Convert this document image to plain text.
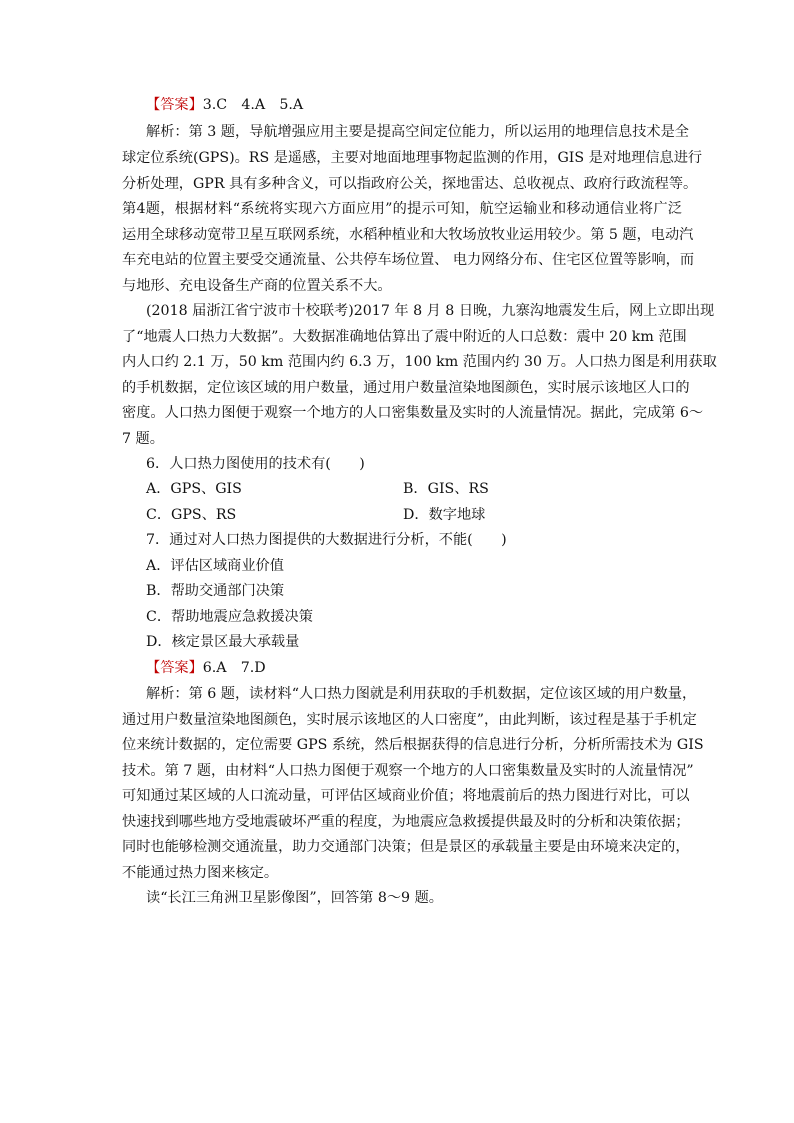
【答案】3.C　4.A　5.A
解析：第 3 题，导航增强应用主要是提高空间定位能力，所以运用的地理信息技术是全
球定位系统(GPS)。RS 是遥感，主要对地面地理事物起监测的作用，GIS 是对地理信息进行
分析处理，GPR 具有多种含义，可以指政府公关，探地雷达、总收视点、政府行政流程等。
第4题，根据材料“系统将实现六方面应用”的提示可知，航空运输业和移动通信业将广泛
运用全球移动宽带卫星互联网系统，水稻种植业和大牧场放牧业运用较少。第 5 题，电动汽
车充电站的位置主要受交通流量、公共停车场位置、 电力网络分布、住宅区位置等影响，而
与地形、充电设备生产商的位置关系不大。
(2018 届浙江省宁波市十校联考)2017 年 8 月 8 日晚，九寨沟地震发生后，网上立即出现
了“地震人口热力大数据”。大数据准确地估算出了震中附近的人口总数：震中 20 km 范围
内人口约 2.1 万，50 km 范围内约 6.3 万，100 km 范围内约 30 万。人口热力图是利用获取
的手机数据，定位该区域的用户数量，通过用户数量渲染地图颜色，实时展示该地区人口的
密度。人口热力图便于观察一个地方的人口密集数量及实时的人流量情况。据此，完成第 6～
7 题。
6．人口热力图使用的技术有(　　)
A．GPS、GIS	B．GIS、RS
C．GPS、RS	D．数字地球
7．通过对人口热力图提供的大数据进行分析，不能(　　)
A．评估区域商业价值
B．帮助交通部门决策
C．帮助地震应急救援决策
D．核定景区最大承载量
【答案】6.A　7.D
解析：第 6 题，读材料“人口热力图就是利用获取的手机数据，定位该区域的用户数量，
通过用户数量渲染地图颜色，实时展示该地区的人口密度”，由此判断，该过程是基于手机定
位来统计数据的，定位需要 GPS 系统，然后根据获得的信息进行分析，分析所需技术为 GIS
技术。第 7 题，由材料“人口热力图便于观察一个地方的人口密集数量及实时的人流量情况”
可知通过某区域的人口流动量，可评估区域商业价值；将地震前后的热力图进行对比，可以
快速找到哪些地方受地震破坏严重的程度，为地震应急救援提供最及时的分析和决策依据；
同时也能够检测交通流量，助力交通部门决策；但是景区的承载量主要是由环境来决定的，
不能通过热力图来核定。
读“长江三角洲卫星影像图”，回答第 8～9 题。
